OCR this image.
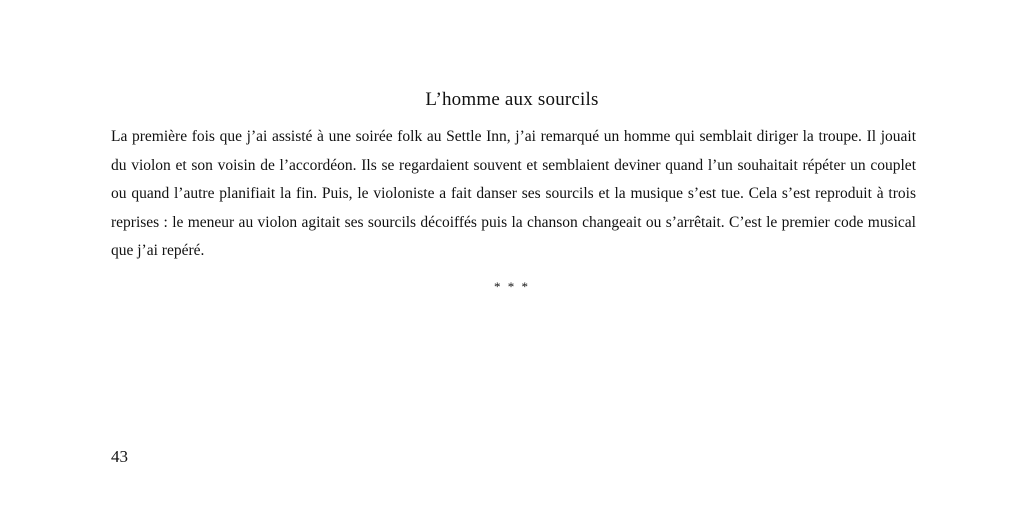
L’homme aux sourcils

La première fois que j’ai assisté à une soirée folk au Settle Inn, j’ai remarqué un homme qui semblait diriger la troupe. Il jouait du violon et son voisin de l’accordéon. Ils se regardaient souvent et semblaient deviner quand l’un souhaitait répéter un couplet ou quand l’autre planifiait la fin. Puis, le violoniste a fait danser ses sourcils et la musique s’est tue. Cela s’est reproduit à trois reprises : le meneur au violon agitait ses sourcils décoiffés puis la chanson changeait ou s’arrêtait. C’est le premier code musical que j’ai repéré.

* * *
43
